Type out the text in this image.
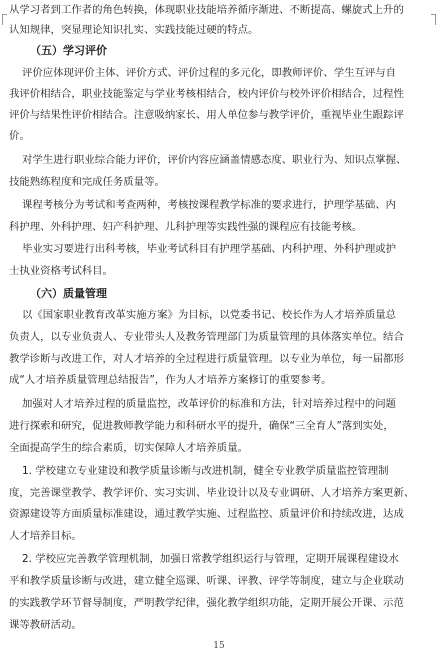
从学习者到工作者的角色转换，体现职业技能培养循序渐进、不断提高、螺旋式上升的
认知规律，突显理论知识扎实、实践技能过硬的特点。
（五）学习评价
评价应体现评价主体、评价方式、评价过程的多元化，即教师评价、学生互评与自
我评价相结合，职业技能鉴定与学业考核相结合，校内评价与校外评价相结合，过程性
评价与结果性评价相结合。注意吸纳家长、用人单位参与教学评价，重视毕业生跟踪评
价。
对学生进行职业综合能力评价，评价内容应涵盖情感态度、职业行为、知识点掌握、
技能熟练程度和完成任务质量等。
课程考核分为考试和考查两种，考核按课程教学标准的要求进行，护理学基础、内
科护理、外科护理、妇产科护理、儿科护理等实践性强的课程应有技能考核。
毕业实习要进行出科考核，毕业考试科目有护理学基础、内科护理、外科护理或护
士执业资格考试科目。
（六）质量管理
以《国家职业教育改革实施方案》为目标，以党委书记、校长作为人才培养质量总
负责人，以专业负责人、专业带头人及教务管理部门为质量管理的具体落实单位。结合
教学诊断与改进工作，对人才培养的全过程进行质量管理。以专业为单位，每一届都形
成“人才培养质量管理总结报告”，作为人才培养方案修订的重要参考。
加强对人才培养过程的质量监控，改革评价的标准和方法，针对培养过程中的问题
进行探索和研究，促进教师教学能力和科研水平的提升，确保“三全育人”落到实处，
全面提高学生的综合素质，切实保障人才培养质量。
1. 学校建立专业建设和教学质量诊断与改进机制，健全专业教学质量监控管理制
度，完善课堂教学、教学评价、实习实训、毕业设计以及专业调研、人才培养方案更新、
资源建设等方面质量标准建设，通过教学实施、过程监控、质量评价和持续改进，达成
人才培养目标。
2. 学校应完善教学管理机制，加强日常教学组织运行与管理，定期开展课程建设水
平和教学质量诊断与改进，建立健全巡课、听课、评教、评学等制度，建立与企业联动
的实践教学环节督导制度，严明教学纪律，强化教学组织功能，定期开展公开课、示范
课等教研活动。
15
